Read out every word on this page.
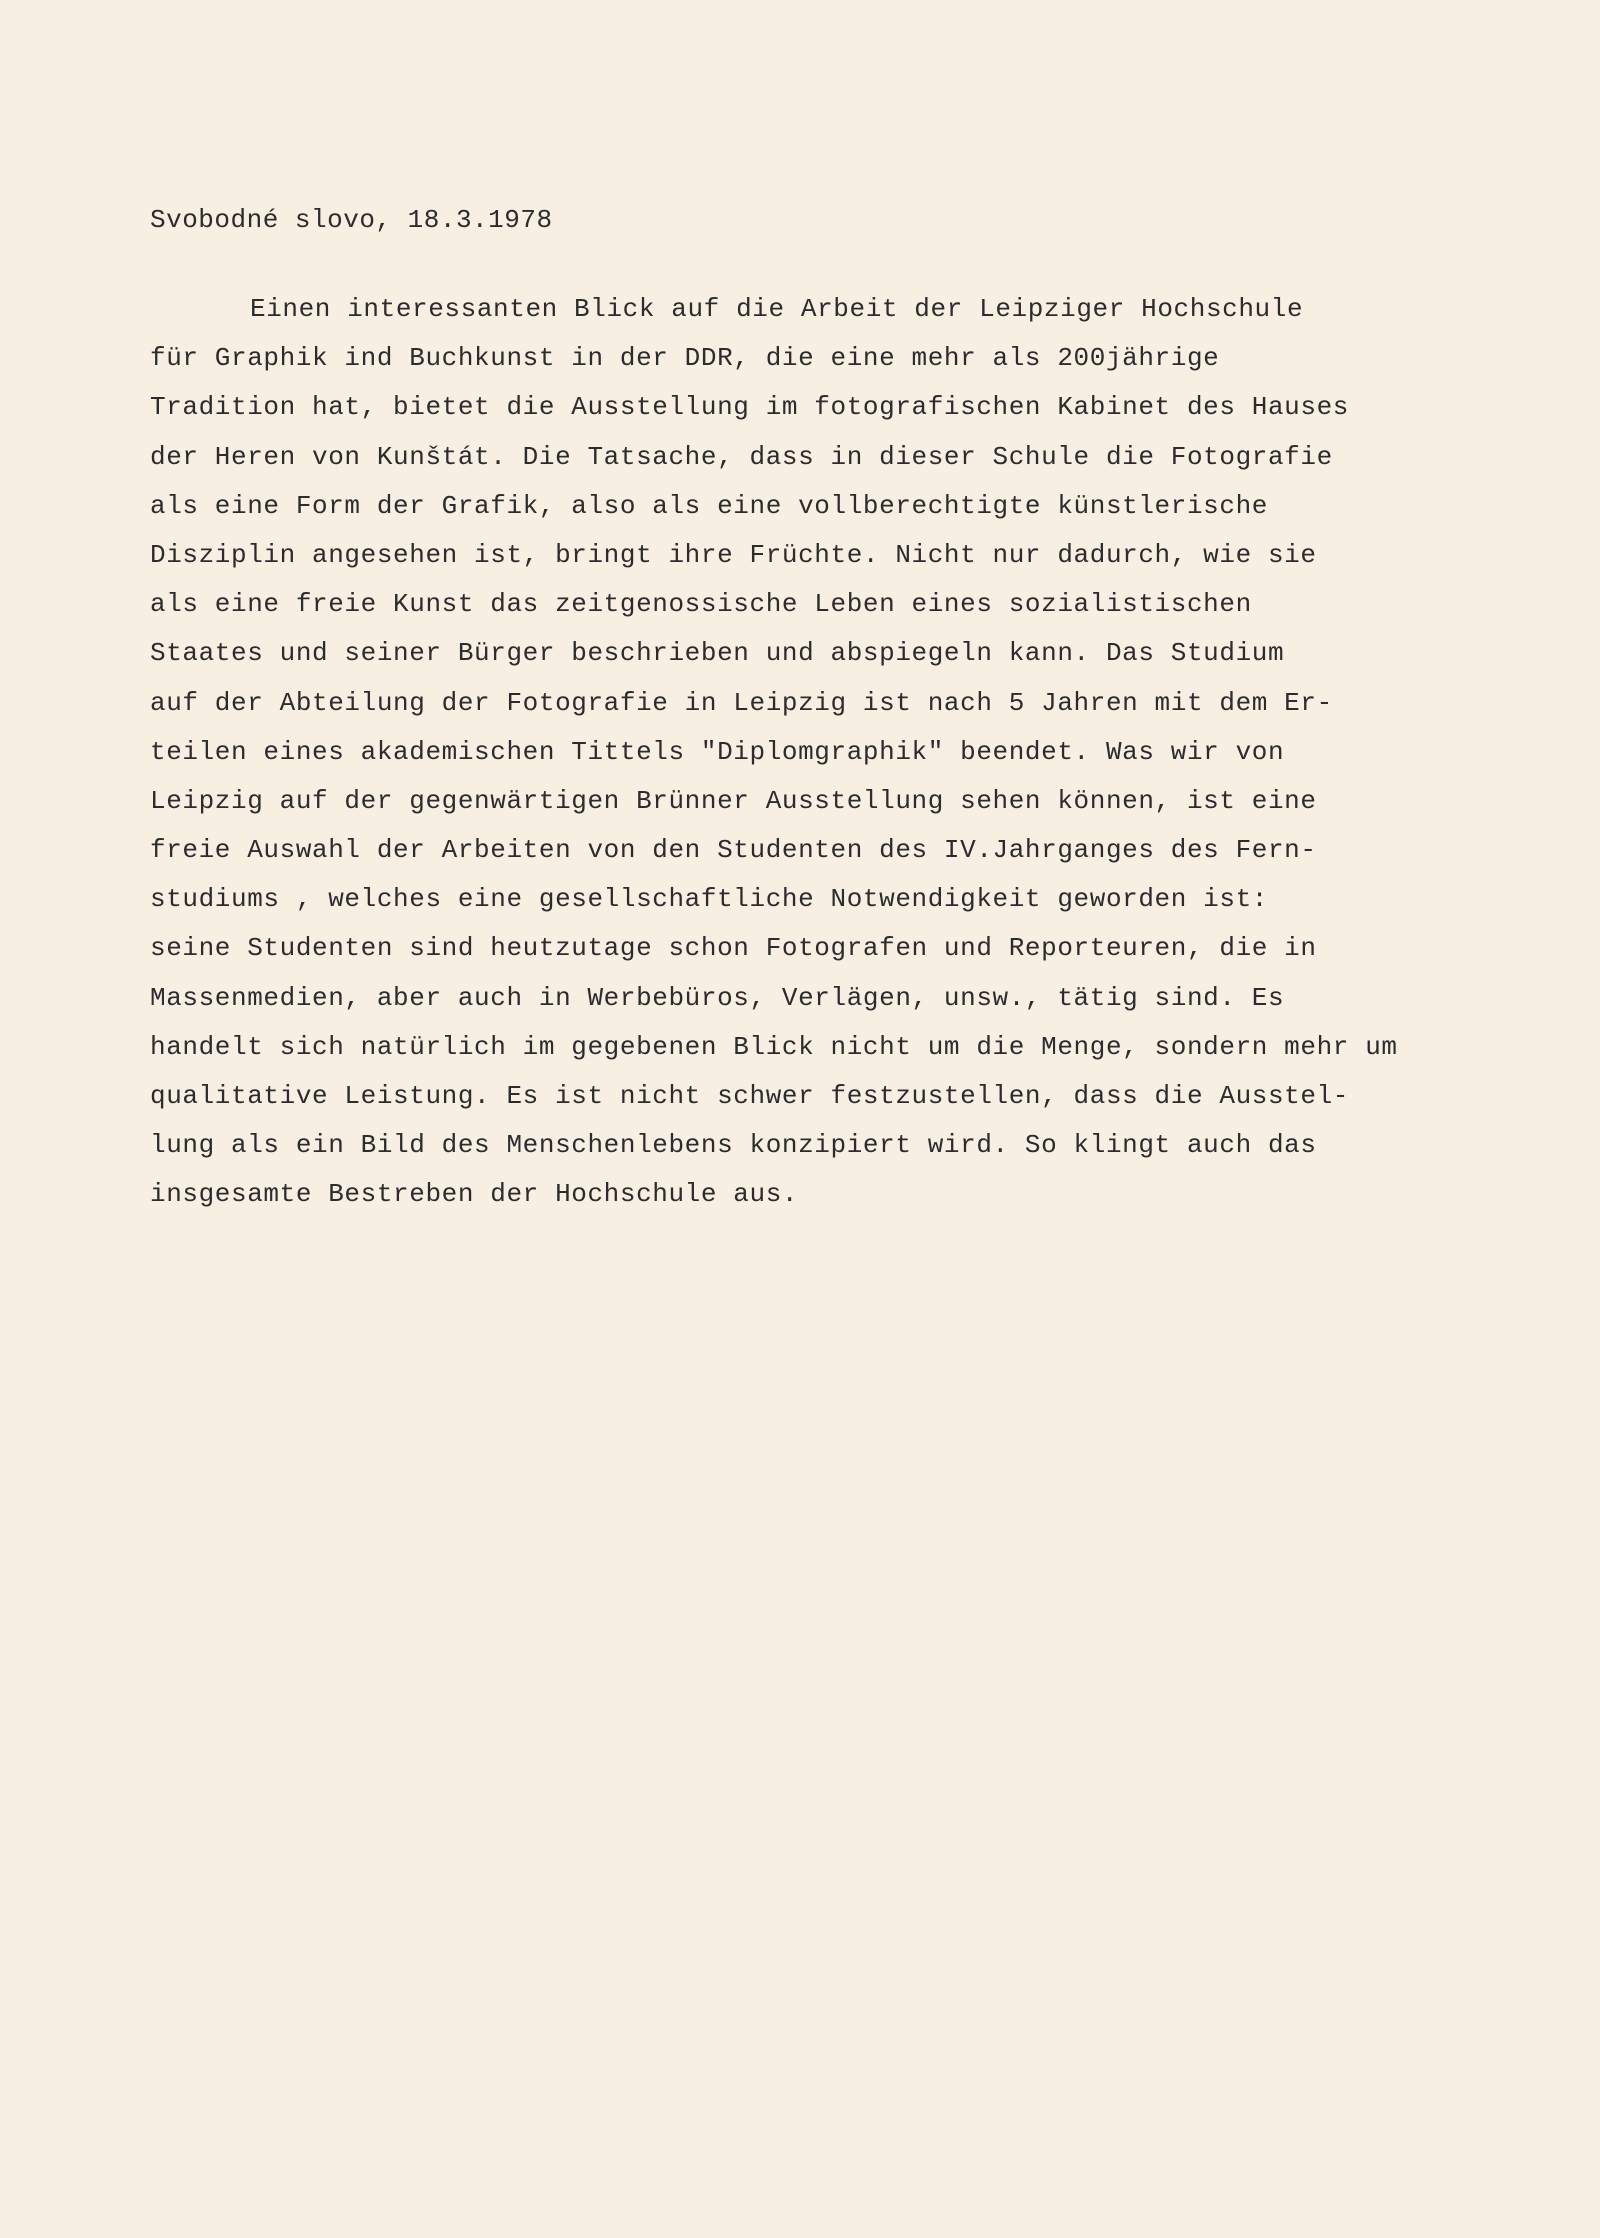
Svobodné slovo, 18.3.1978
Einen interessanten Blick auf die Arbeit der Leipziger Hochschule
für Graphik ind Buchkunst in der DDR, die eine mehr als 200jährige
Tradition hat, bietet die Ausstellung im fotografischen Kabinet des Hauses
der Heren von Kunštát. Die Tatsache, dass in dieser Schule die Fotografie
als eine Form der Grafik, also als eine vollberechtigte künstlerische
Disziplin angesehen ist, bringt ihre Früchte. Nicht nur dadurch, wie sie
als eine freie Kunst das zeitgenossische Leben eines sozialistischen
Staates und seiner Bürger beschrieben und abspiegeln kann. Das Studium
auf der Abteilung der Fotografie in Leipzig ist nach 5 Jahren mit dem Er-
teilen eines akademischen Tittels "Diplomgraphik" beendet. Was wir von
Leipzig auf der gegenwärtigen Brünner Ausstellung sehen können, ist eine
freie Auswahl der Arbeiten von den Studenten des IV.Jahrganges des Fern-
studiums , welches eine gesellschaftliche Notwendigkeit geworden ist:
seine Studenten sind heutzutage schon Fotografen und Reporteuren, die in
Massenmedien, aber auch in Werbebüros, Verlägen, unsw., tätig sind. Es
handelt sich natürlich im gegebenen Blick nicht um die Menge, sondern mehr um
qualitative Leistung. Es ist nicht schwer festzustellen, dass die Ausstel-
lung als ein Bild des Menschenlebens konzipiert wird. So klingt auch das
insgesamte Bestreben der Hochschule aus.
